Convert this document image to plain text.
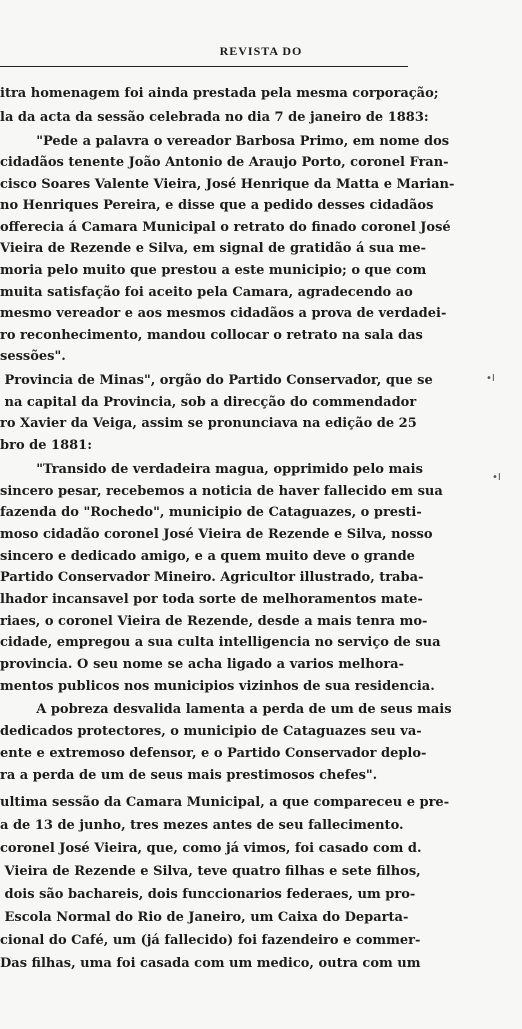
REVISTA DO
itra homenagem foi ainda prestada pela mesma corporação;
la da acta da sessão celebrada no dia 7 de janeiro de 1883:
"Pede a palavra o vereador Barbosa Primo, em nome dos
cidadãos tenente João Antonio de Araujo Porto, coronel Fran-
cisco Soares Valente Vieira, José Henrique da Matta e Marian-
no Henriques Pereira, e disse que a pedido desses cidadãos
offerecia á Camara Municipal o retrato do finado coronel José
Vieira de Rezende e Silva, em signal de gratidão á sua me-
moria pelo muito que prestou a este municipio; o que com
muita satisfação foi aceito pela Camara, agradecendo ao
mesmo vereador e aos mesmos cidadãos a prova de verdadei-
ro reconhecimento, mandou collocar o retrato na sala das
sessões".
Provincia de Minas", orgão do Partido Conservador, que se
na capital da Provincia, sob a direcção do commendador
ro Xavier da Veiga, assim se pronunciava na edição de 25
bro de 1881:
"Transido de verdadeira magua, opprimido pelo mais
sincero pesar, recebemos a noticia de haver fallecido em sua
fazenda do "Rochedo", municipio de Cataguazes, o presti-
moso cidadão coronel José Vieira de Rezende e Silva, nosso
sincero e dedicado amigo, e a quem muito deve o grande
Partido Conservador Mineiro. Agricultor illustrado, traba-
lhador incansavel por toda sorte de melhoramentos mate-
riaes, o coronel Vieira de Rezende, desde a mais tenra mo-
cidade, empregou a sua culta intelligencia no serviço de sua
provincia. O seu nome se acha ligado a varios melhora-
mentos publicos nos municipios vizinhos de sua residencia.
A pobreza desvalida lamenta a perda de um de seus mais
dedicados protectores, o municipio de Cataguazes seu va-
ente e extremoso defensor, e o Partido Conservador deplo-
ra a perda de um de seus mais prestimosos chefes".
ultima sessão da Camara Municipal, a que compareceu e pre-
a de 13 de junho, tres mezes antes de seu fallecimento.
coronel José Vieira, que, como já vimos, foi casado com d.
Vieira de Rezende e Silva, teve quatro filhas e sete filhos,
dois são bachareis, dois funccionarios federaes, um pro-
Escola Normal do Rio de Janeiro, um Caixa do Departa-
cional do Café, um (já fallecido) foi fazendeiro e commer-
Das filhas, uma foi casada com um medico, outra com um
•I
•I
